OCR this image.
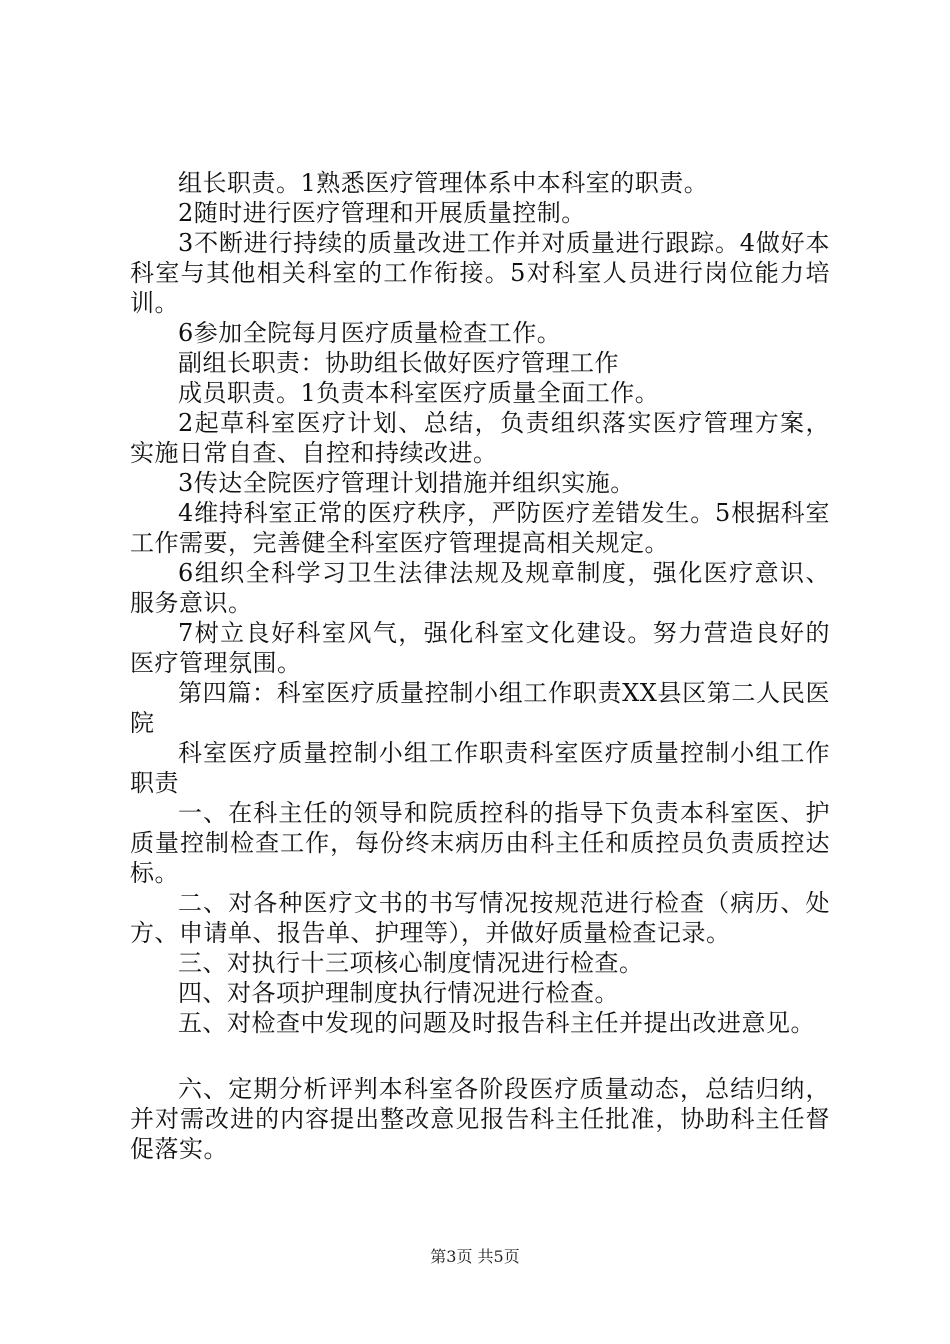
组长职责。1熟悉医疗管理体系中本科室的职责。

2随时进行医疗管理和开展质量控制。

3不断进行持续的质量改进工作并对质量进行跟踪。4做好本科室与其他相关科室的工作衔接。5对科室人员进行岗位能力培训。

6参加全院每月医疗质量检查工作。

副组长职责：协助组长做好医疗管理工作

成员职责。1负责本科室医疗质量全面工作。

2起草科室医疗计划、总结，负责组织落实医疗管理方案，实施日常自查、自控和持续改进。

3传达全院医疗管理计划措施并组织实施。

4维持科室正常的医疗秩序，严防医疗差错发生。5根据科室工作需要，完善健全科室医疗管理提高相关规定。

6组织全科学习卫生法律法规及规章制度，强化医疗意识、服务意识。

7树立良好科室风气，强化科室文化建设。努力营造良好的医疗管理氛围。

第四篇：科室医疗质量控制小组工作职责XX县区第二人民医院

科室医疗质量控制小组工作职责科室医疗质量控制小组工作职责

一、在科主任的领导和院质控科的指导下负责本科室医、护质量控制检查工作，每份终末病历由科主任和质控员负责质控达标。

二、对各种医疗文书的书写情况按规范进行检查（病历、处方、申请单、报告单、护理等），并做好质量检查记录。

三、对执行十三项核心制度情况进行检查。

四、对各项护理制度执行情况进行检查。

五、对检查中发现的问题及时报告科主任并提出改进意见。

六、定期分析评判本科室各阶段医疗质量动态，总结归纳，并对需改进的内容提出整改意见报告科主任批准，协助科主任督促落实。

第3页 共5页
